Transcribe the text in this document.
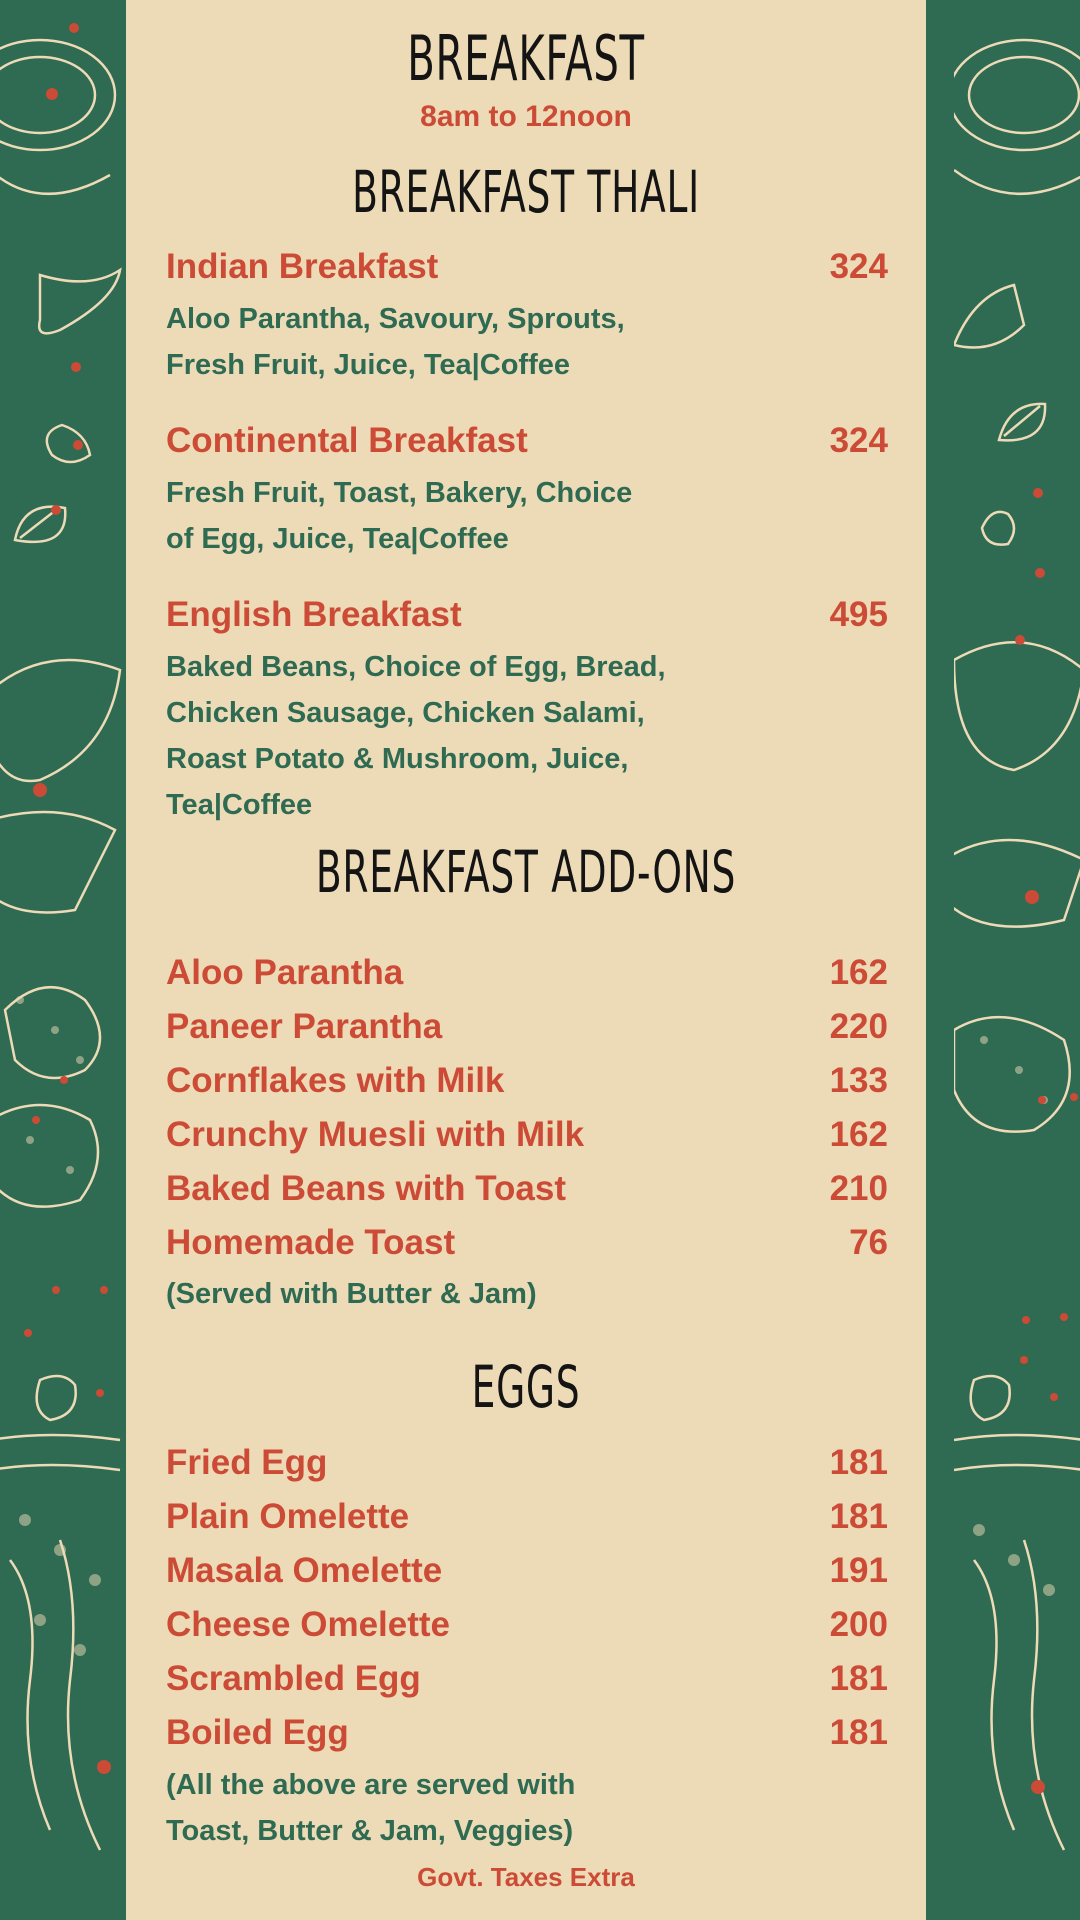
BREAKFAST
8am to 12noon
BREAKFAST THALI
Indian Breakfast	324
Aloo Parantha, Savoury, Sprouts,
Fresh Fruit, Juice, Tea|Coffee
Continental Breakfast	324
Fresh Fruit, Toast, Bakery, Choice
of Egg, Juice, Tea|Coffee
English Breakfast	495
Baked Beans, Choice of Egg, Bread,
Chicken Sausage, Chicken Salami,
Roast Potato & Mushroom, Juice,
Tea|Coffee
BREAKFAST ADD-ONS
Aloo Parantha	162
Paneer Parantha	220
Cornflakes with Milk	133
Crunchy Muesli with Milk	162
Baked Beans with Toast	210
Homemade Toast	76
(Served with Butter & Jam)
EGGS
Fried Egg	181
Plain Omelette	181
Masala Omelette	191
Cheese Omelette	200
Scrambled Egg	181
Boiled Egg	181
(All the above are served with
Toast, Butter & Jam, Veggies)
Govt. Taxes Extra
